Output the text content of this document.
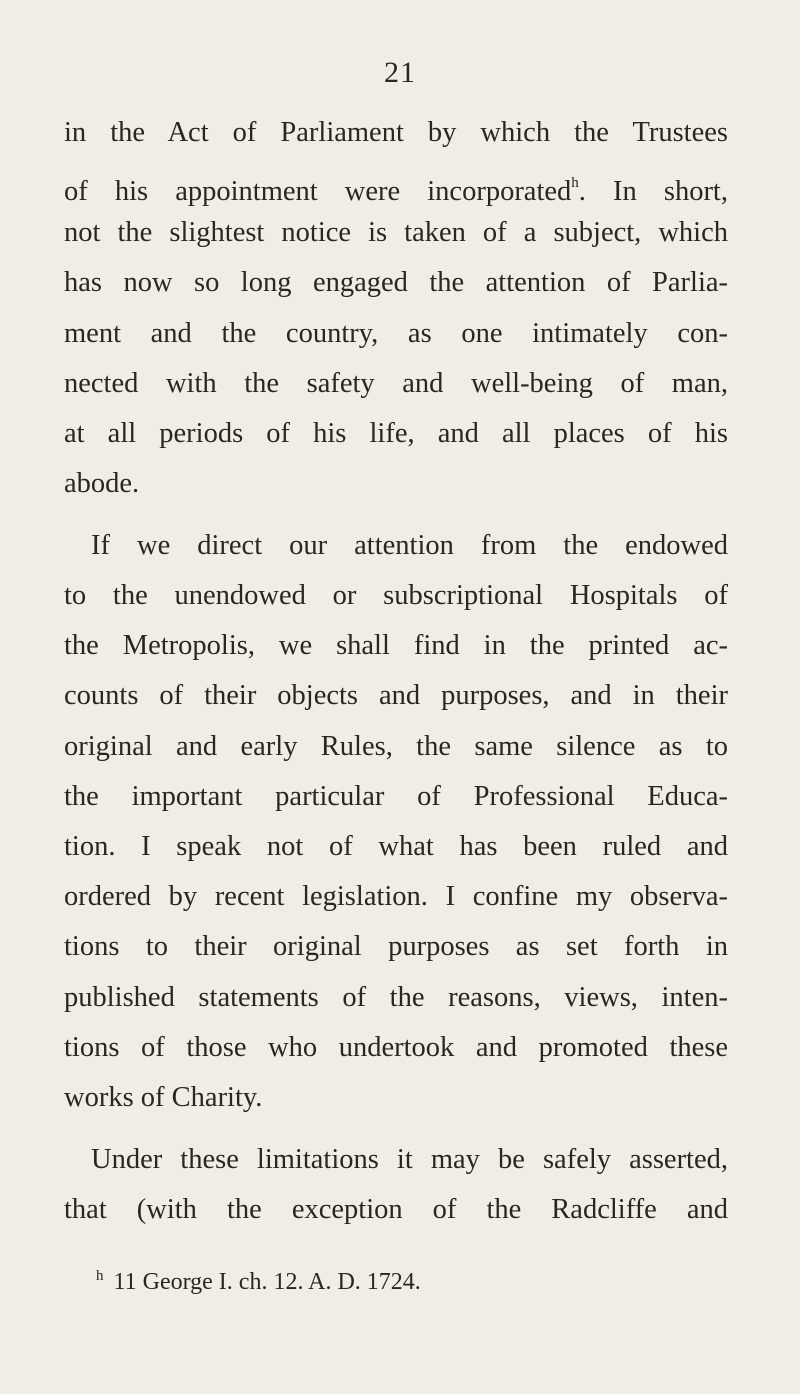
21
in the Act of Parliament by which the Trustees
of his appointment were incorporated$^h$. In short,
not the slightest notice is taken of a subject, which
has now so long engaged the attention of Parlia-
ment and the country, as one intimately con-
nected with the safety and well-being of man,
at all periods of his life, and all places of his
abode.
If we direct our attention from the endowed
to the unendowed or subscriptional Hospitals of
the Metropolis, we shall find in the printed ac-
counts of their objects and purposes, and in their
original and early Rules, the same silence as to
the important particular of Professional Educa-
tion. I speak not of what has been ruled and
ordered by recent legislation. I confine my observa-
tions to their original purposes as set forth in
published statements of the reasons, views, inten-
tions of those who undertook and promoted these
works of Charity.
Under these limitations it may be safely asserted,
that (with the exception of the Radcliffe and
$^h$ 11 George I. ch. 12. A. D. 1724.
